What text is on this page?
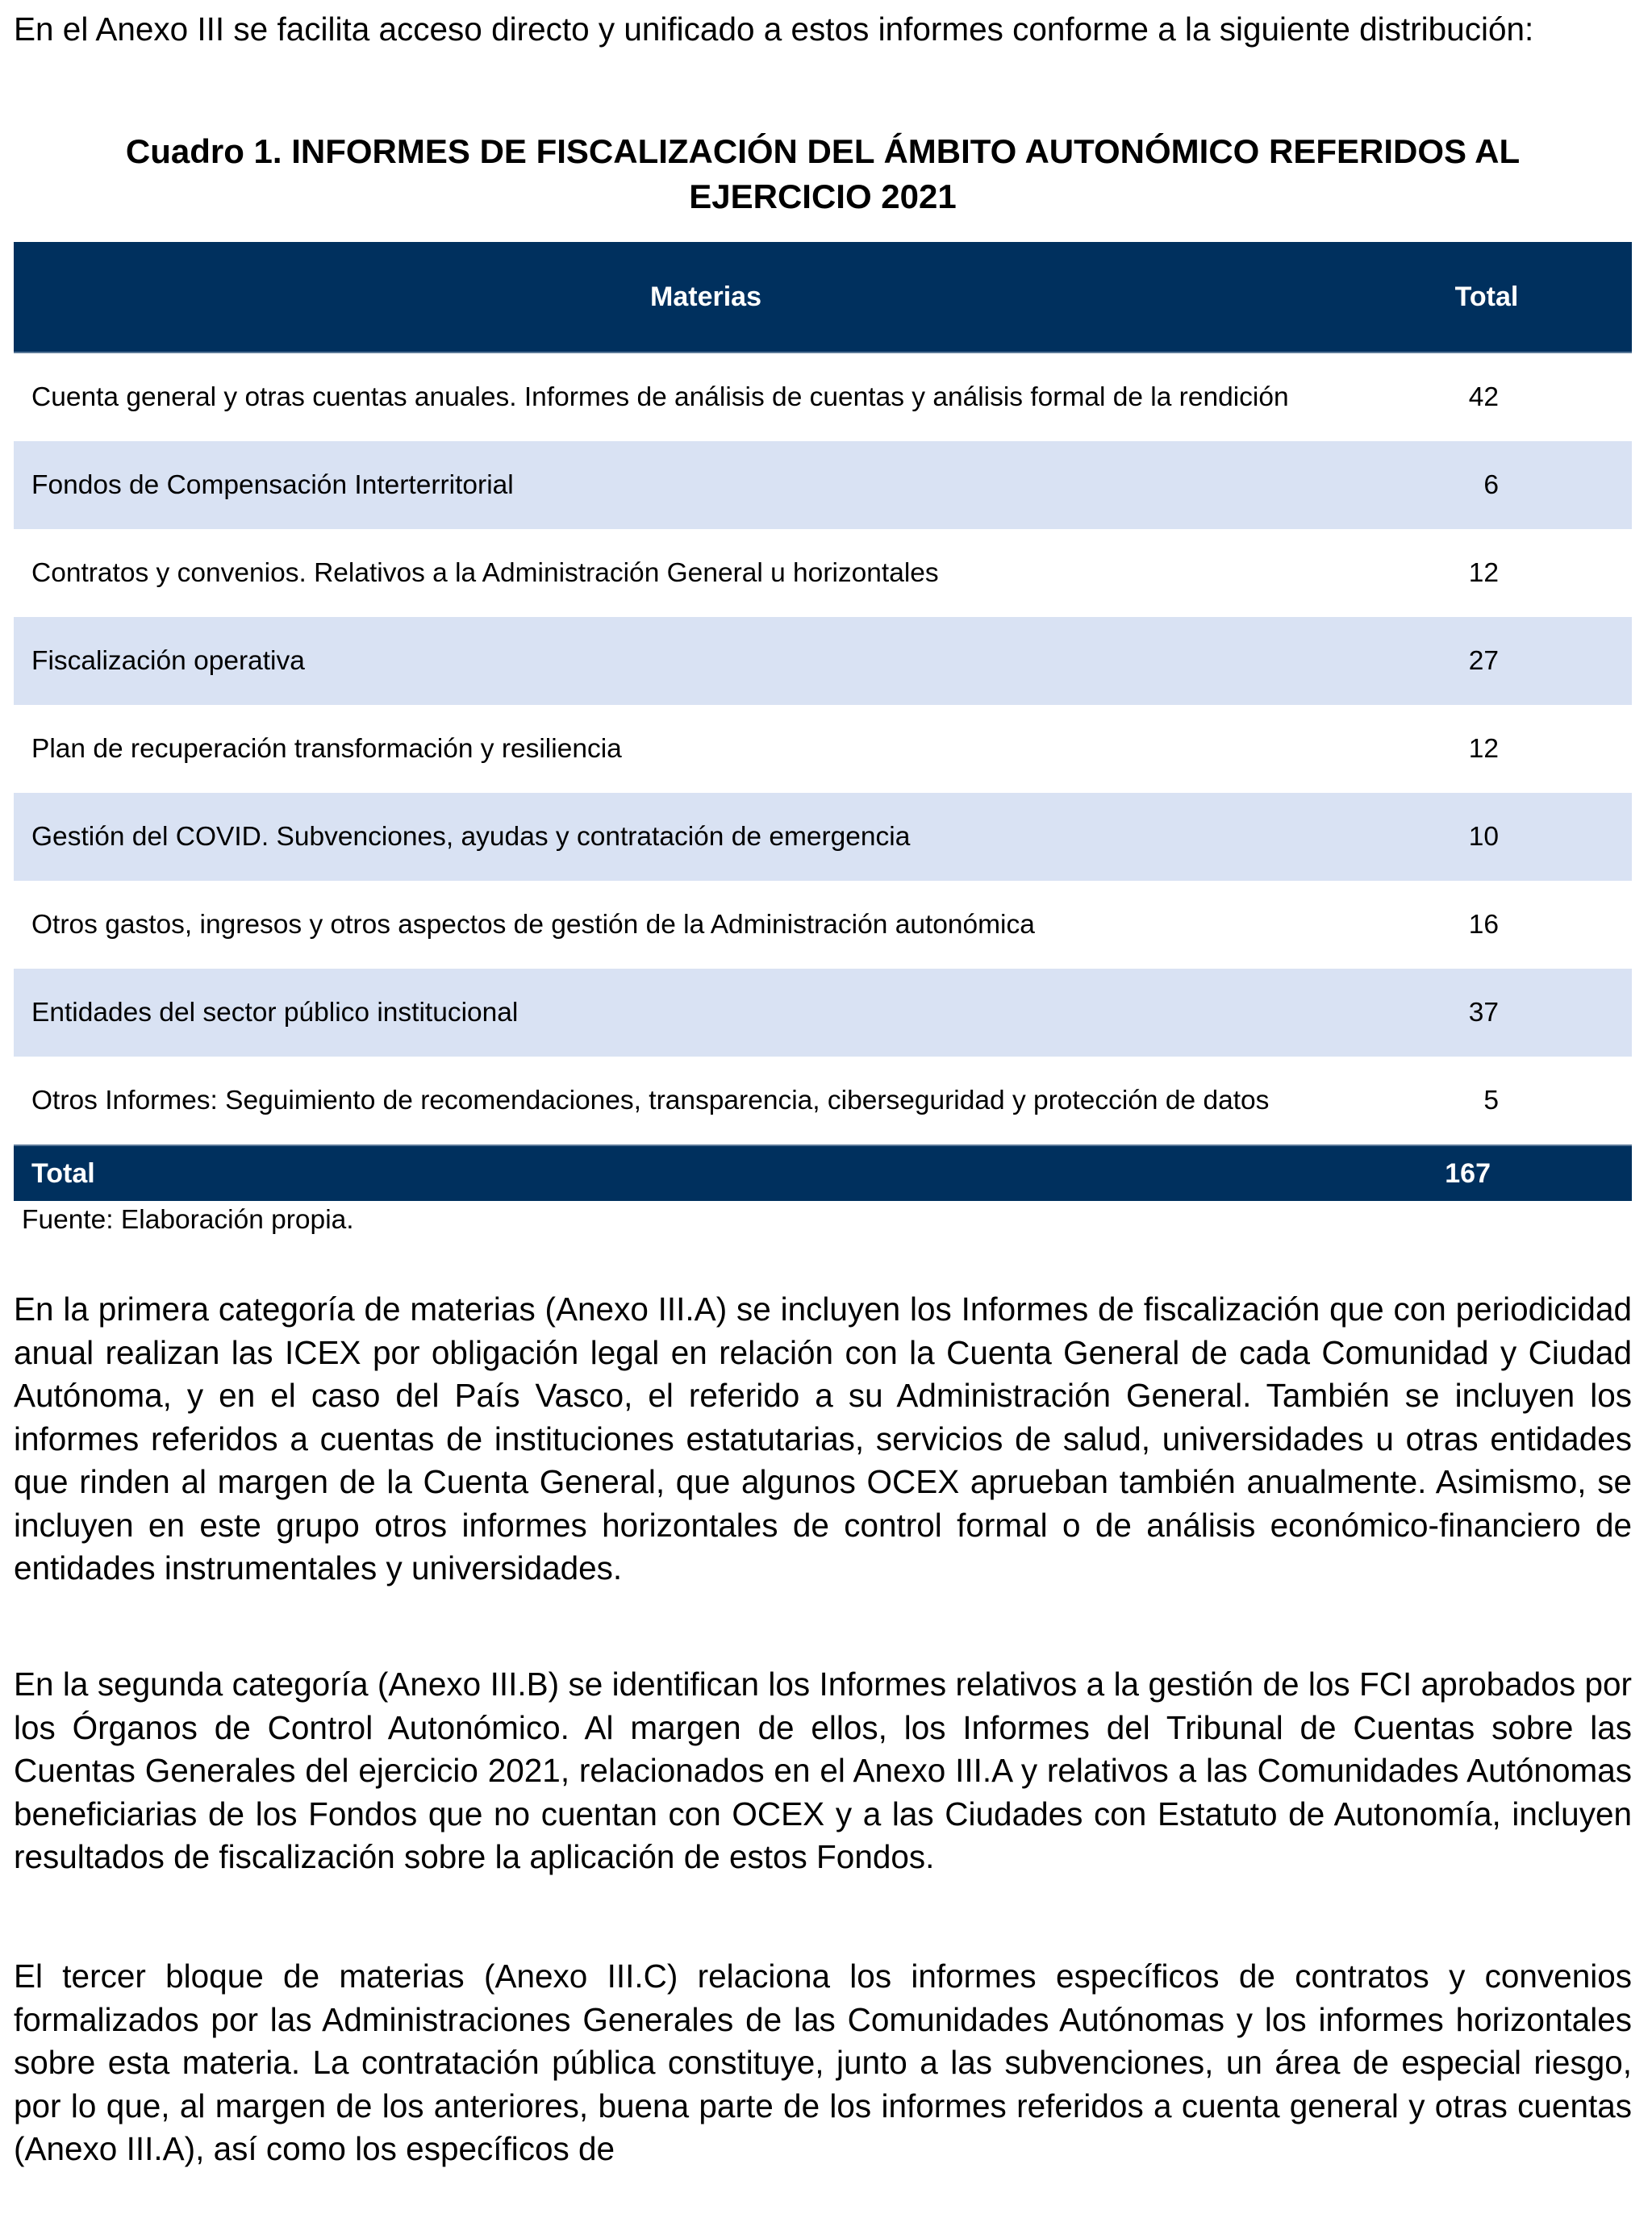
En el Anexo III se facilita acceso directo y unificado a estos informes conforme a la siguiente distribución:

Cuadro 1. INFORMES DE FISCALIZACIÓN DEL ÁMBITO AUTONÓMICO REFERIDOS AL
EJERCICIO 2021
Materias	Total
Cuenta general y otras cuentas anuales. Informes de análisis de cuentas y análisis formal de la rendición	42
Fondos de Compensación Interterritorial	6
Contratos y convenios. Relativos a la Administración General u horizontales	12
Fiscalización operativa	27
Plan de recuperación transformación y resiliencia	12
Gestión del COVID. Subvenciones, ayudas y contratación de emergencia	10
Otros gastos, ingresos y otros aspectos de gestión de la Administración autonómica	16
Entidades del sector público institucional	37
Otros Informes: Seguimiento de recomendaciones, transparencia, ciberseguridad y protección de datos	5
Total	167
Fuente: Elaboración propia.

En la primera categoría de materias (Anexo III.A) se incluyen los Informes de fiscalización que con periodicidad anual realizan las ICEX por obligación legal en relación con la Cuenta General de cada Comunidad y Ciudad Autónoma, y en el caso del País Vasco, el referido a su Administración General. También se incluyen los informes referidos a cuentas de instituciones estatutarias, servicios de salud, universidades u otras entidades que rinden al margen de la Cuenta General, que algunos OCEX aprueban también anualmente. Asimismo, se incluyen en este grupo otros informes horizontales de control formal o de análisis económico-financiero de entidades instrumentales y universidades.

En la segunda categoría (Anexo III.B) se identifican los Informes relativos a la gestión de los FCI aprobados por los Órganos de Control Autonómico. Al margen de ellos, los Informes del Tribunal de Cuentas sobre las Cuentas Generales del ejercicio 2021, relacionados en el Anexo III.A y relativos a las Comunidades Autónomas beneficiarias de los Fondos que no cuentan con OCEX y a las Ciudades con Estatuto de Autonomía, incluyen resultados de fiscalización sobre la aplicación de estos Fondos.

El tercer bloque de materias (Anexo III.C) relaciona los informes específicos de contratos y convenios formalizados por las Administraciones Generales de las Comunidades Autónomas y los informes horizontales sobre esta materia. La contratación pública constituye, junto a las subvenciones, un área de especial riesgo, por lo que, al margen de los anteriores, buena parte de los informes referidos a cuenta general y otras cuentas (Anexo III.A), así como los específicos de
